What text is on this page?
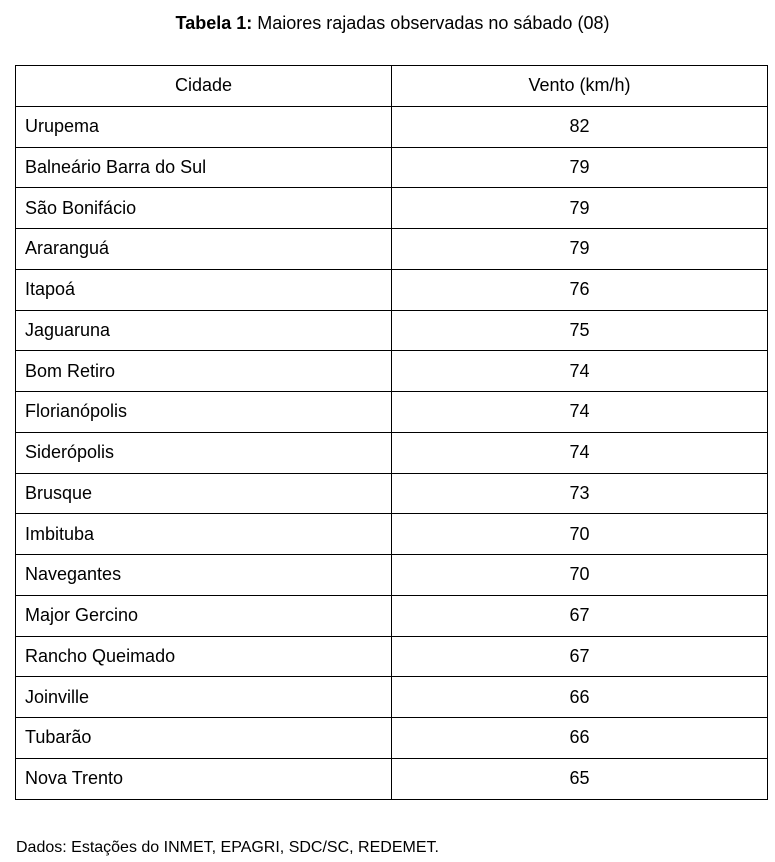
Tabela 1: Maiores rajadas observadas no sábado (08)
Cidade	Vento (km/h)
Urupema	82
Balneário Barra do Sul	79
São Bonifácio	79
Araranguá	79
Itapoá	76
Jaguaruna	75
Bom Retiro	74
Florianópolis	74
Siderópolis	74
Brusque	73
Imbituba	70
Navegantes	70
Major Gercino	67
Rancho Queimado	67
Joinville	66
Tubarão	66
Nova Trento	65
Dados: Estações do INMET, EPAGRI, SDC/SC, REDEMET.
